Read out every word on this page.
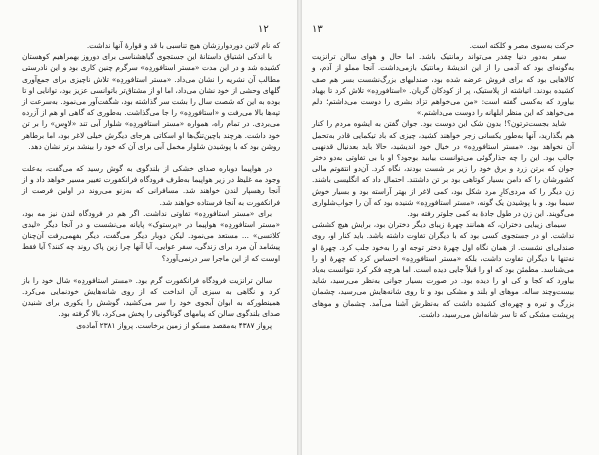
۱۲

که نام لاتین دوردوارزشان هیچ تناسبی با قد و قوارهٔ آنها نداشت.

با اندکی اشتیاق داستانهٔ این جستجوی گیاهشناسی برای دوروز بهمراهیم کوهستان کشیده شد و در این مدت «مستر استافوردِه» سرگرم چنین کاری بود و این نادرستی مطالب آن نشریه را نشان می‌داد. «مستر استافوردِه» تلاش ناچیزی برای جمع‌آوری گلهای وحشی از خود نشان می‌داد، اما او از مشتاق‌تر باتوانسی عزیز بود، توانایی او تا بوده به این که شصت سال را بشت سر گذاشته بود، شگفت‌آور می‌نمود. به‌سرعت از تپه‌ها بالا می‌رفت و «استافوردِه» را جا می‌گذاشت. به‌طوری که گاهی او هم از آزرده می‌بردی. در تمام راه، همواره «مستر استافوردِه» شلوار آبی تند «لاوِس» را بر تن خود داشت. هرچند باچین‌تنگ‌ها او اسکاتی هرجای دیگرش خیلی لاغر بود، اما برطاهر روشن بود که با پوشیدن شلوار مخمل آبی برای آن که خود را بینشد برتر نشان دهد.

در هواپیما دوباره صدای خشکی از بلندگوی به گوش رسید که می‌گفت، به‌علت وجود مه غلیظ در زیر هواپیما به‌طرف فرودگاه فرانکفورت تغییر مسیر خواهد داد و از آنجا رهسپار لندن خواهند شد. مسافرانی که به‌زنو می‌روند در اولین فرصت از فرانکفورت به آنجا فرستاده خواهند شد.

برای «مستر استافوردِه» تفاوتی نداشت. اگر هم در فرودگاه لندن نیز مه بود، «مستر استافوردِه» هواپیما در «پرستوک» پایانه می‌نشست و در آنجا دیگر «لیدی کلاتسی» ... مستعد می‌نمود. لیکن دوبار دیگر می‌گفت، دیگر بفهمی‌رفت آن‌چنان پیشامد آن مرد برای زندگی، سفر عوایی، آیا آنها چرا زین پاک روند چه کنند؟ آیا فقط اوست که از این ماجرا سر درنمی‌آورد؟

سالن ترانزیت فرودگاه فرانکفورت گرم بود. «مستر استافوردِه» شال خود را باز کرد و نگاهی به سبزی آن انداخت که از روی شانه‌هایش خودنمایی می‌کرد. همینطورکه به ابوان آبجوی خود را سر می‌کشید، گوشش را یکوری برای شنیدن صدای بلندگوی سالن که پیامهای گوناگونی را پخش می‌کرد، بالا گرفته بود.

پرواز ۴۳۸۷ به‌مقصد مسکو از زمین برخاست. پرواز ۲۳۸۱ آماده‌ی

۱۳

حرکت به‌سوی مصر و کلکته است.

سفر به‌دور دنیا چقدر می‌تواند رمانتیک باشد. اما حال و هوای سالن ترانزیت به‌گونه‌ای بود که آدمی را از این اندیشهٔ رمانتیک بازمی‌داشت. آنجا مملو از آدم، و کالاهایی بود که برای فروش عرضه شده بود، صندلیهای بزرگ‌نشست بسر هم صف کشیده بودند. اتیاشته از پلاستیک، پر از کودکان گریان. «استافوردِه» تلاش کرد تا بهیاد بیاورد که به‌کسی گفته است: «من می‌خواهم تزاد بشری را دوست می‌داشتم؛ دلم می‌خواهد که این منظر ابلهانه را دوست می‌داشتم.»

شاید بجست‌ترتون؟! بدون شک این دوست بود. جوان گفتن به ایشوه مردم را کنار هم بگذارید، آنها به‌طور یکسانی زجر خواهند کشید، چیزی که باد تیکمایی قادر به‌تحمل آن نخواهد بود. «مستر استافوردِه» در خیال خود اندیشید، حالا باید بعدنیال قدنهبی جالب بود. این را چه‌ جذارگوئی می‌توانست بیابید بوجود؟ او با بی تفاوتی به‌دو دختر جوان که برتن زرد و برق خود را زیر بر شست بودند، نگاه کرد. آن‌دو انتقوتم مالی کشورشان را که دامن بسیار کوتاهی بود بر تن داشتند. احتمال داد که انگلیسی باشند. زن دیگر را که مردی‌کارِ مرد شکل بود، کمی لاغر از بهتر آراسته بود و بسیار خوش‌ سیما بود. و با پوشیدن یک گونه، «مستر استافوردِه» شنیده بود که آن را جواب‌شلواری می‌گویند. این زن در طول جادهٔ به کمی جلوتر رفته بود.

سیمای زیبایی دختران، که همانند چهرهٔ زیبای دیگر دختران بود، برایش هیچ کششی نداشت. او در جستجوی کسی بود که با دیگران تفاوت داشته باشد. باید کنار او، روی صندلی‌ای نشست. از همان نگاه اول چهرهٔ دختر توجه او را به‌خود جلب کرد. چهرهٔ او نه‌تنها با دیگران تفاوت داشت، بلکه «مستر استافوردِه» احساس کرد که چهرهٔ او را می‌شناسد. مطمئن بود که او را قبلاً جایی دیده است. اما هرچه فکر کرد نتوانست به‌یاد بیاورد که کجا و کی او را دیده بود. در صورت بسیار جوانی به‌نظر می‌رسید، شاید بیست‌وچند ساله. موهای او بلند و مشکی بود و تا روی شانه‌هایش می‌رسید، چشمان بزرگ و تیره و چهره‌ای کشیده داشت که به‌نظرش آشنا می‌آمد. چشمان و موهای پرپشت مشکی که تا سر شانه‌اش می‌رسید، داشت.
